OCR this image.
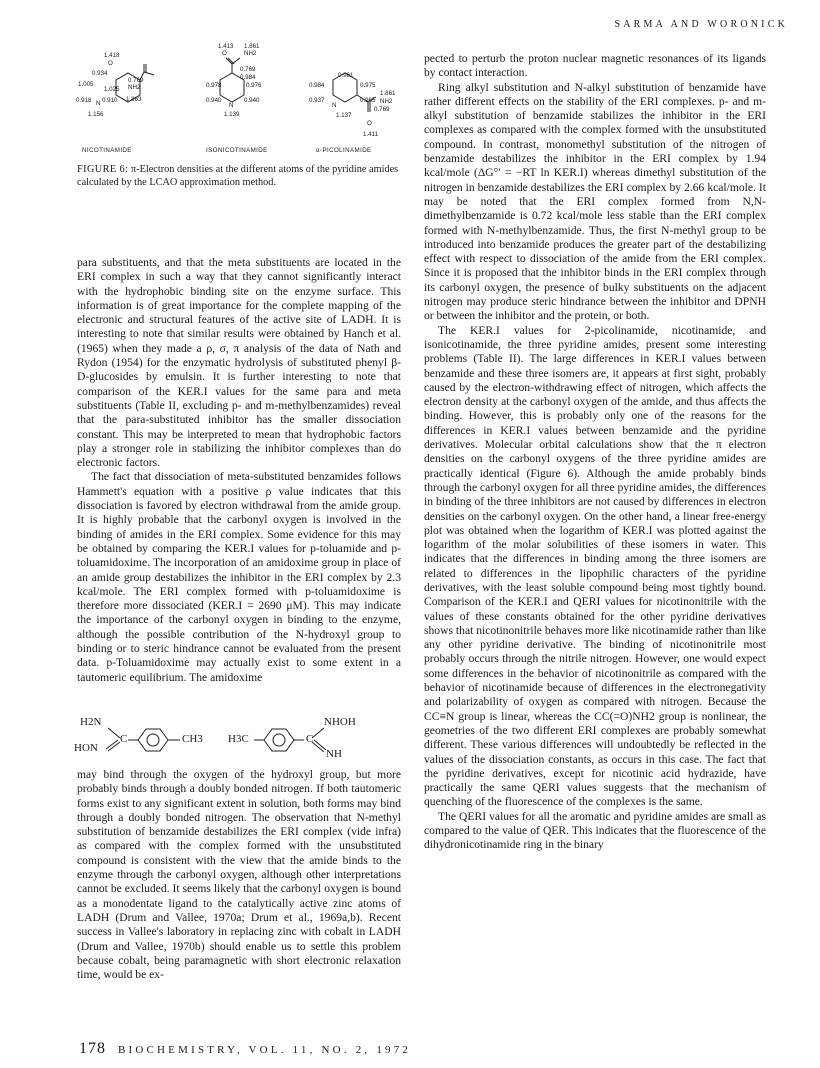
SARMA AND WORONICK
1.418
O
0.934
0.769
1.005
1.025 NH2
1.863
0.918 0.910
N
1.156
1.413 1.861
O	NH2
0.769
0.984
0.978	0.976
0.940	0.940
N
1.139
0.961
0.984	0.975
0.937
N
0.965
1.861
NH2
1.137
0.769
O
1.411
NICOTINAMIDE	ISONICOTINAMIDE	α-PICOLINAMIDE
FIGURE 6: π-Electron densities at the different atoms of the pyridine amides calculated by the LCAO approximation method.

para substituents, and that the meta substituents are located in the ERI complex in such a way that they cannot significantly interact with the hydrophobic binding site on the enzyme surface. This information is of great importance for the complete mapping of the electronic and structural features of the active site of LADH. It is interesting to note that similar results were obtained by Hanch et al. (1965) when they made a ρ, σ, π analysis of the data of Nath and Rydon (1954) for the enzymatic hydrolysis of substituted phenyl β-D-glucosides by emulsin. It is further interesting to note that comparison of the KER.I values for the same para and meta substituents (Table II, excluding p- and m-methylbenzamides) reveal that the para-substituted inhibitor has the smaller dissociation constant. This may be interpreted to mean that hydrophobic factors play a stronger role in stabilizing the inhibitor complexes than do electronic factors.

The fact that dissociation of meta-substituted benzamides follows Hammett's equation with a positive ρ value indicates that this dissociation is favored by electron withdrawal from the amide group. It is highly probable that the carbonyl oxygen is involved in the binding of amides in the ERI complex. Some evidence for this may be obtained by comparing the KER.I values for p-toluamide and p-toluamidoxime. The incorporation of an amidoxime group in place of an amide group destabilizes the inhibitor in the ERI complex by 2.3 kcal/mole. The ERI complex formed with p-toluamidoxime is therefore more dissociated (KER.I = 2690 μM). This may indicate the importance of the carbonyl oxygen in binding to the enzyme, although the possible contribution of the N-hydroxyl group to binding or to steric hindrance cannot be evaluated from the present data. p-Toluamidoxime may actually exist to some extent in a tautomeric equilibrium. The amidoxime

H2N
HON
C	CH3 H3C	C
NHOH
NH

may bind through the oxygen of the hydroxyl group, but more probably binds through a doubly bonded nitrogen. If both tautomeric forms exist to any significant extent in solution, both forms may bind through a doubly bonded nitrogen. The observation that N-methyl substitution of benzamide destabilizes the ERI complex (vide infra) as compared with the complex formed with the unsubstituted compound is consistent with the view that the amide binds to the enzyme through the carbonyl oxygen, although other interpretations cannot be excluded. It seems likely that the carbonyl oxygen is bound as a monodentate ligand to the catalytically active zinc atoms of LADH (Drum and Vallee, 1970a; Drum et al., 1969a,b). Recent success in Vallee's laboratory in replacing zinc with cobalt in LADH (Drum and Vallee, 1970b) should enable us to settle this problem because cobalt, being paramagnetic with short electronic relaxation time, would be ex-

pected to perturb the proton nuclear magnetic resonances of its ligands by contact interaction.

Ring alkyl substitution and N-alkyl substitution of benzamide have rather different effects on the stability of the ERI complexes. p- and m-alkyl substitution of benzamide stabilizes the inhibitor in the ERI complexes as compared with the complex formed with the unsubstituted compound. In contrast, monomethyl substitution of the nitrogen of benzamide destabilizes the inhibitor in the ERI complex by 1.94 kcal/mole (ΔG°′ = −RT ln KER.I) whereas dimethyl substitution of the nitrogen in benzamide destabilizes the ERI complex by 2.66 kcal/mole. It may be noted that the ERI complex formed from N,N-dimethylbenzamide is 0.72 kcal/mole less stable than the ERI complex formed with N-methylbenzamide. Thus, the first N-methyl group to be introduced into benzamide produces the greater part of the destabilizing effect with respect to dissociation of the amide from the ERI complex. Since it is proposed that the inhibitor binds in the ERI complex through its carbonyl oxygen, the presence of bulky substituents on the adjacent nitrogen may produce steric hindrance between the inhibitor and DPNH or between the inhibitor and the protein, or both.

The KER.I values for 2-picolinamide, nicotinamide, and isonicotinamide, the three pyridine amides, present some interesting problems (Table II). The large differences in KER.I values between benzamide and these three isomers are, it appears at first sight, probably caused by the electron-withdrawing effect of nitrogen, which affects the electron density at the carbonyl oxygen of the amide, and thus affects the binding. However, this is probably only one of the reasons for the differences in KER.I values between benzamide and the pyridine derivatives. Molecular orbital calculations show that the π electron densities on the carbonyl oxygens of the three pyridine amides are practically identical (Figure 6). Although the amide probably binds through the carbonyl oxygen for all three pyridine amides, the differences in binding of the three inhibitors are not caused by differences in electron densities on the carbonyl oxygen. On the other hand, a linear free-energy plot was obtained when the logarithm of KER.I was plotted against the logarithm of the molar solubilities of these isomers in water. This indicates that the differences in binding among the three isomers are related to differences in the lipophilic characters of the pyridine derivatives, with the least soluble compound being most tightly bound. Comparison of the KER.I and QERI values for nicotinonitrile with the values of these constants obtained for the other pyridine derivatives shows that nicotinonitrile behaves more like nicotinamide rather than like any other pyridine derivative. The binding of nicotinonitrile most probably occurs through the nitrile nitrogen. However, one would expect some differences in the behavior of nicotinonitrile as compared with the behavior of nicotinamide because of differences in the electronegativity and polarizability of oxygen as compared with nitrogen. Because the CC≡N group is linear, whereas the CC(=O)NH2 group is nonlinear, the geometries of the two different ERI complexes are probably somewhat different. These various differences will undoubtedly be reflected in the values of the dissociation constants, as occurs in this case. The fact that the pyridine derivatives, except for nicotinic acid hydrazide, have practically the same QERI values suggests that the mechanism of quenching of the fluorescence of the complexes is the same.

The QERI values for all the aromatic and pyridine amides are small as compared to the value of QER. This indicates that the fluorescence of the dihydronicotinamide ring in the binary

178 BIOCHEMISTRY, VOL. 11, NO. 2, 1972
